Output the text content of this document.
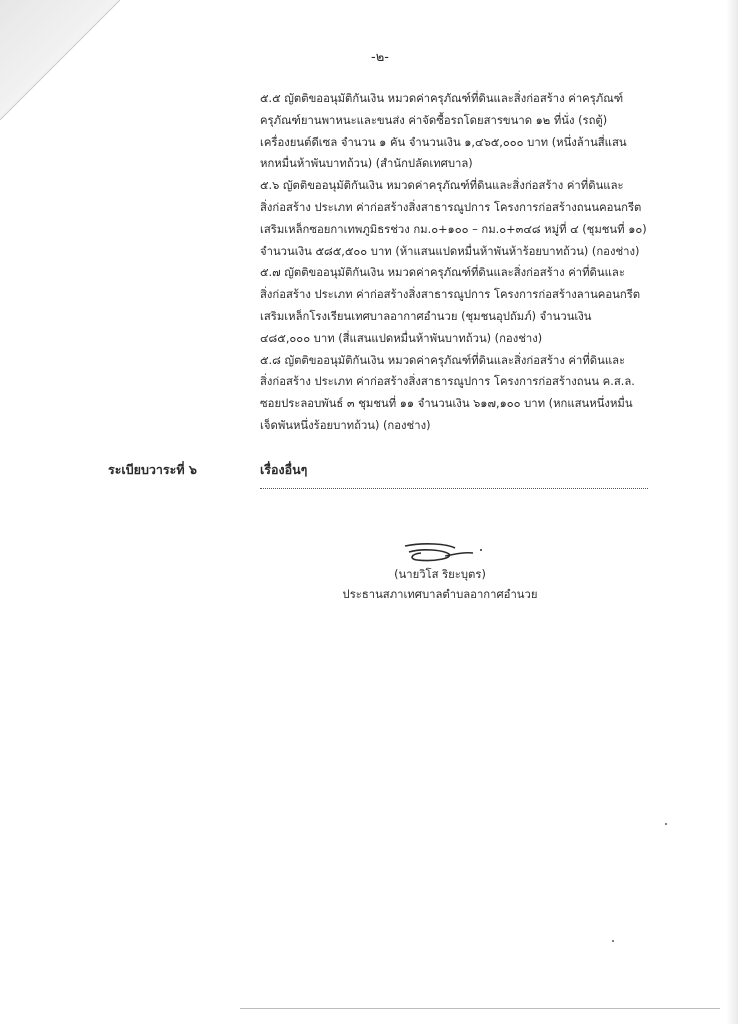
-๒-
๕.๕ ญัตติขออนุมัติกันเงิน หมวดค่าครุภัณฑ์ที่ดินและสิ่งก่อสร้าง ค่าครุภัณฑ์
ครุภัณฑ์ยานพาหนะและขนส่ง ค่าจัดซื้อรถโดยสารขนาด ๑๒ ที่นั่ง (รถตู้)
เครื่องยนต์ดีเซล จำนวน ๑ คัน จำนวนเงิน ๑,๔๖๕,๐๐๐ บาท (หนึ่งล้านสี่แสน
หกหมื่นห้าพันบาทถ้วน) (สำนักปลัดเทศบาล)
๕.๖ ญัตติขออนุมัติกันเงิน หมวดค่าครุภัณฑ์ที่ดินและสิ่งก่อสร้าง ค่าที่ดินและ
สิ่งก่อสร้าง ประเภท ค่าก่อสร้างสิ่งสาธารณูปการ โครงการก่อสร้างถนนคอนกรีต
เสริมเหล็กซอยกาเทพภูมิธรช่วง กม.๐+๑๐๐ – กม.๐+๓๔๘ หมู่ที่ ๔ (ชุมชนที่ ๑๐)
จำนวนเงิน ๕๘๕,๕๐๐ บาท (ห้าแสนแปดหมื่นห้าพันห้าร้อยบาทถ้วน) (กองช่าง)
๕.๗ ญัตติขออนุมัติกันเงิน หมวดค่าครุภัณฑ์ที่ดินและสิ่งก่อสร้าง ค่าที่ดินและ
สิ่งก่อสร้าง ประเภท ค่าก่อสร้างสิ่งสาธารณูปการ โครงการก่อสร้างลานคอนกรีต
เสริมเหล็กโรงเรียนเทศบาลอากาศอำนวย (ชุมชนอุปถัมภ์) จำนวนเงิน
๔๘๕,๐๐๐ บาท (สี่แสนแปดหมื่นห้าพันบาทถ้วน) (กองช่าง)
๕.๘ ญัตติขออนุมัติกันเงิน หมวดค่าครุภัณฑ์ที่ดินและสิ่งก่อสร้าง ค่าที่ดินและ
สิ่งก่อสร้าง ประเภท ค่าก่อสร้างสิ่งสาธารณูปการ โครงการก่อสร้างถนน ค.ส.ล.
ซอยประลอบพันธ์ ๓ ชุมชนที่ ๑๑ จำนวนเงิน ๖๑๗,๑๐๐ บาท (หกแสนหนึ่งหมื่น
เจ็ดพันหนึ่งร้อยบาทถ้วน) (กองช่าง)
ระเบียบวาระที่ ๖	เรื่องอื่นๆ
(นายวิโส ริยะบุตร)
ประธานสภาเทศบาลตำบลอากาศอำนวย
